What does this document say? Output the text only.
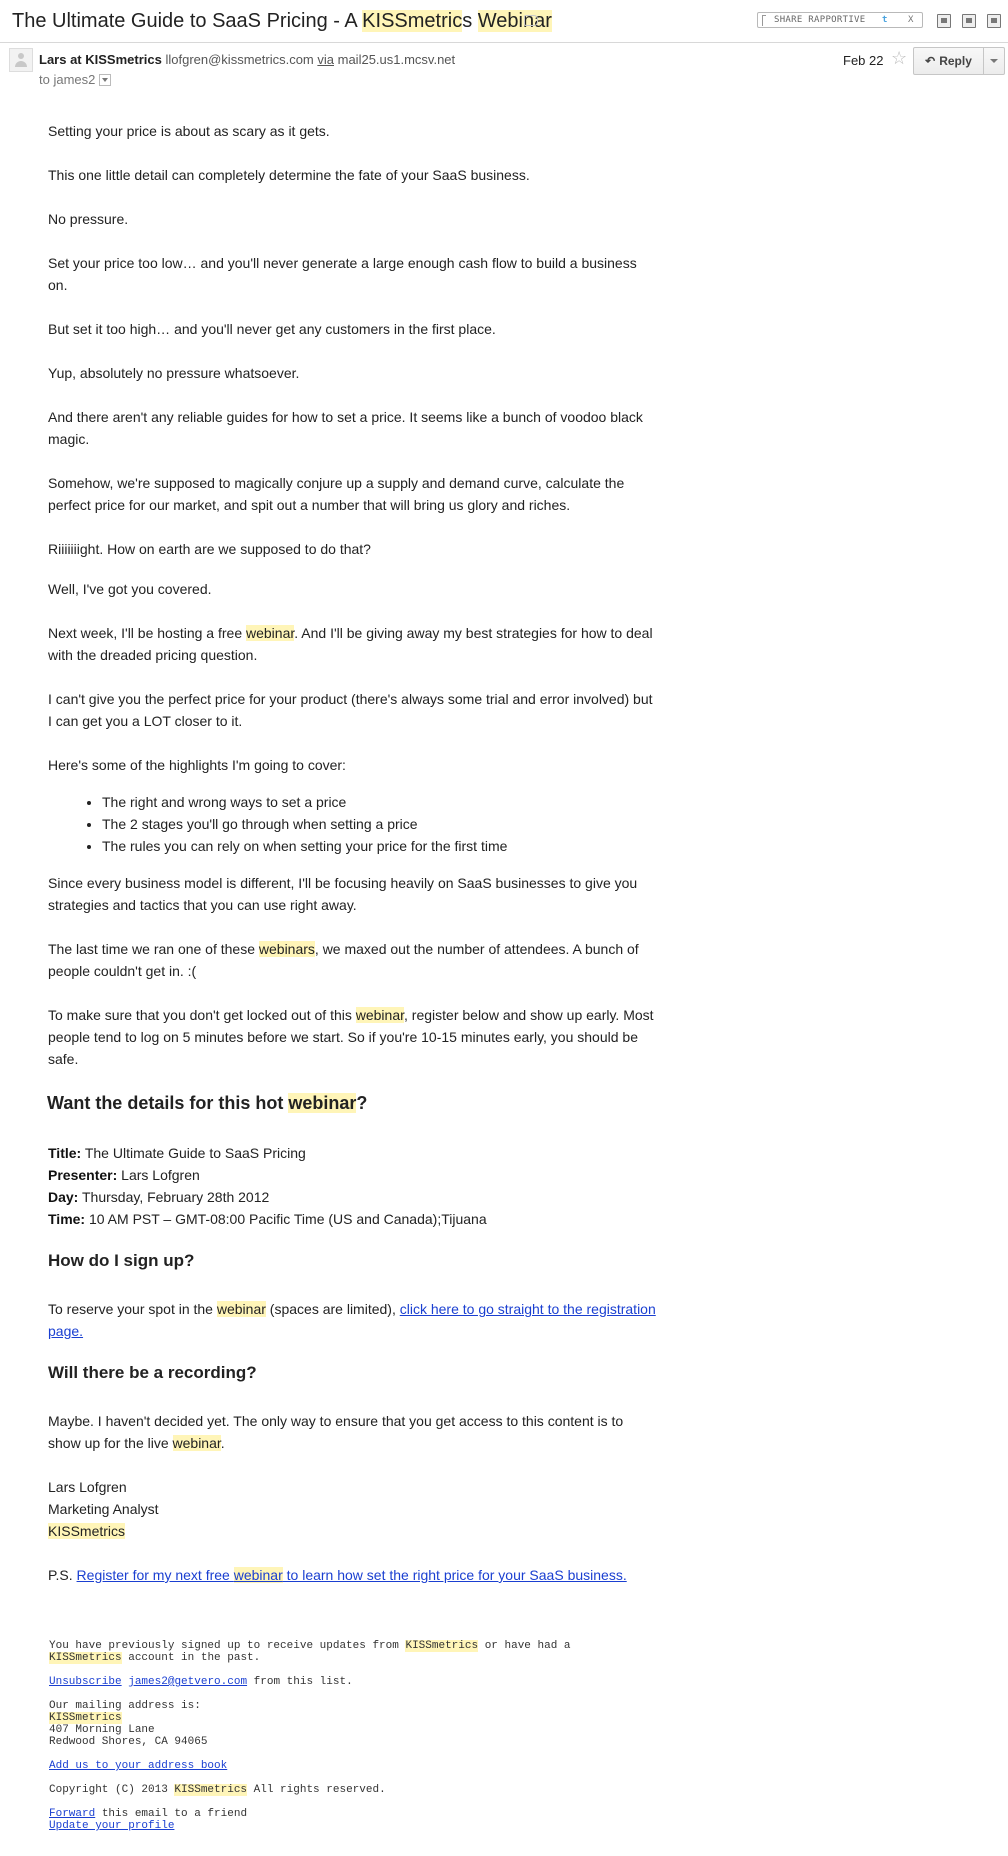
The Ultimate Guide to SaaS Pricing - A KISSmetrics Webinar	SHARE RAPPORTIVE t X
Lars at KISSmetrics llofgren@kissmetrics.com via mail25.us1.mcsv.net
to james2
Feb 22 ☆	↶ Reply
Setting your price is about as scary as it gets.
This one little detail can completely determine the fate of your SaaS business.
No pressure.
Set your price too low… and you'll never generate a large enough cash flow to build a business on.
But set it too high… and you'll never get any customers in the first place.
Yup, absolutely no pressure whatsoever.
And there aren't any reliable guides for how to set a price. It seems like a bunch of voodoo black magic.
Somehow, we're supposed to magically conjure up a supply and demand curve, calculate the perfect price for our market, and spit out a number that will bring us glory and riches.
Riiiiiiight. How on earth are we supposed to do that?
Well, I've got you covered.
Next week, I'll be hosting a free webinar. And I'll be giving away my best strategies for how to deal with the dreaded pricing question.
I can't give you the perfect price for your product (there's always some trial and error involved) but I can get you a LOT closer to it.
Here's some of the highlights I'm going to cover:
• The right and wrong ways to set a price
• The 2 stages you'll go through when setting a price
• The rules you can rely on when setting your price for the first time
Since every business model is different, I'll be focusing heavily on SaaS businesses to give you strategies and tactics that you can use right away.
The last time we ran one of these webinars, we maxed out the number of attendees. A bunch of people couldn't get in. :(
To make sure that you don't get locked out of this webinar, register below and show up early. Most people tend to log on 5 minutes before we start. So if you're 10-15 minutes early, you should be safe.
Want the details for this hot webinar?
Title: The Ultimate Guide to SaaS Pricing
Presenter: Lars Lofgren
Day: Thursday, February 28th 2012
Time: 10 AM PST – GMT-08:00 Pacific Time (US and Canada);Tijuana
How do I sign up?
To reserve your spot in the webinar (spaces are limited), click here to go straight to the registration page.
Will there be a recording?
Maybe. I haven't decided yet. The only way to ensure that you get access to this content is to show up for the live webinar.
Lars Lofgren
Marketing Analyst
KISSmetrics
P.S. Register for my next free webinar to learn how set the right price for your SaaS business.
You have previously signed up to receive updates from KISSmetrics or have had a
KISSmetrics account in the past.
Unsubscribe james2@getvero.com from this list.
Our mailing address is:
KISSmetrics
407 Morning Lane
Redwood Shores, CA 94065
Add us to your address book
Copyright (C) 2013 KISSmetrics All rights reserved.
Forward this email to a friend
Update your profile
